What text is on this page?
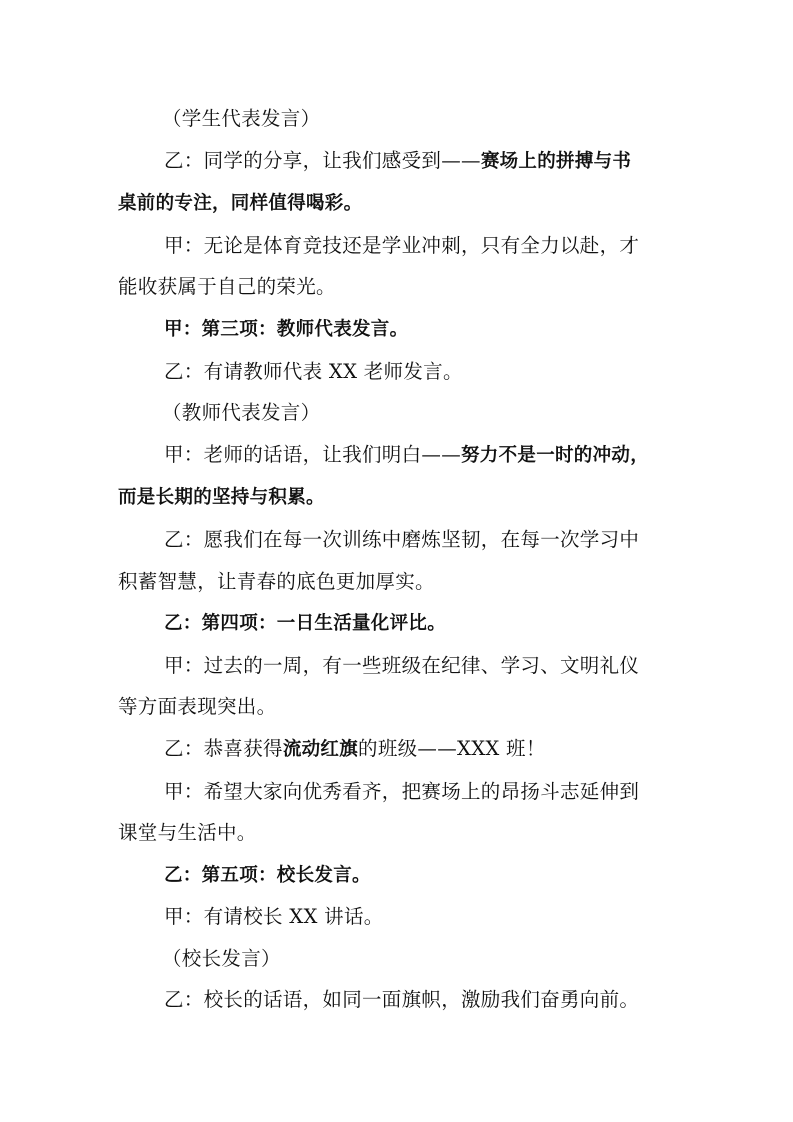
（学生代表发言）
乙：同学的分享，让我们感受到——赛场上的拼搏与书
桌前的专注，同样值得喝彩。
甲：无论是体育竞技还是学业冲刺，只有全力以赴，才
能收获属于自己的荣光。
甲：第三项：教师代表发言。
乙：有请教师代表 XX 老师发言。
（教师代表发言）
甲：老师的话语，让我们明白——努力不是一时的冲动，
而是长期的坚持与积累。
乙：愿我们在每一次训练中磨炼坚韧，在每一次学习中
积蓄智慧，让青春的底色更加厚实。
乙：第四项：一日生活量化评比。
甲：过去的一周，有一些班级在纪律、学习、文明礼仪
等方面表现突出。
乙：恭喜获得流动红旗的班级——XXX 班！
甲：希望大家向优秀看齐，把赛场上的昂扬斗志延伸到
课堂与生活中。
乙：第五项：校长发言。
甲：有请校长 XX 讲话。
（校长发言）
乙：校长的话语，如同一面旗帜，激励我们奋勇向前。
